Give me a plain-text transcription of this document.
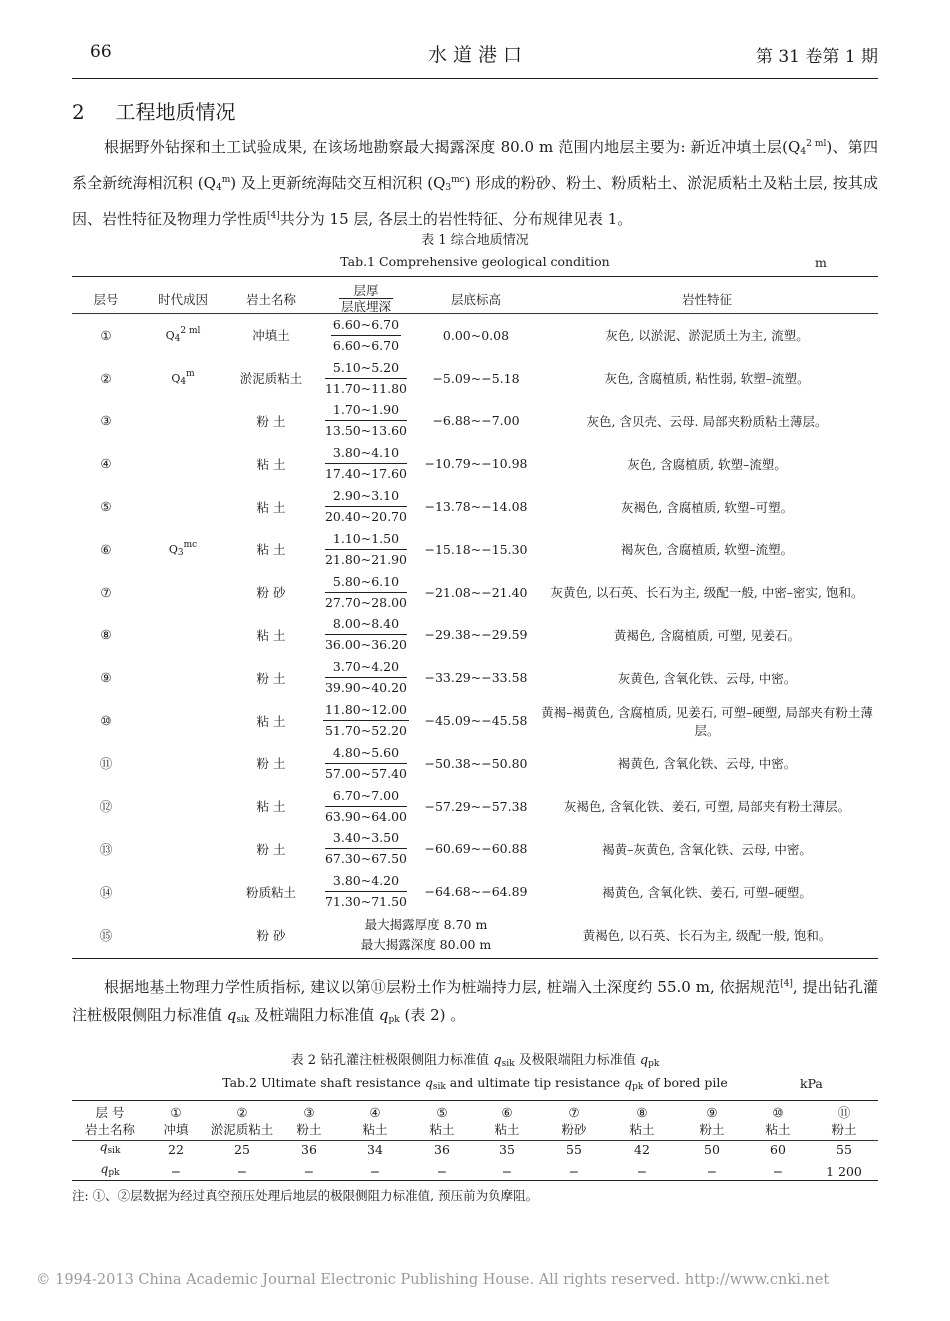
66	水 道 港 口	第 31 卷第 1 期
2 工程地质情况

根据野外钻探和土工试验成果, 在该场地勘察最大揭露深度 80.0 m 范围内地层主要为: 新近冲填土层$(Q_4^{2 ml})$、第四系全新统海相沉积 $(Q_4^m)$ 及上更新统海陆交互相沉积 $(Q_3^{mc})$ 形成的粉砂、粉土、粉质粘土、淤泥质粘土及粘土层, 按其成因、岩性特征及物理力学性质[4]共分为 15 层, 各层土的岩性特征、分布规律见表 1。

表 1 综合地质情况
Tab.1 Comprehensive geological condition	m
层号	时代成因	岩土名称	$\frac{\text{层厚}}{\text{层底埋深}}$	层底标高	岩性特征
①	$Q_4^{2 ml}$	冲填土	$\frac{6.60\sim 6.70}{6.60\sim 6.70}$	0.00~0.08	灰色, 以淤泥、淤泥质土为主, 流塑。
②	$Q_4^m$	淤泥质粘土	$\frac{5.10\sim 5.20}{11.70\sim 11.80}$	−5.09~−5.18	灰色, 含腐植质, 粘性弱, 软塑–流塑。
③		粉 土	$\frac{1.70\sim 1.90}{13.50\sim 13.60}$	−6.88~−7.00	灰色, 含贝壳、云母. 局部夹粉质粘土薄层。
④		粘 土	$\frac{3.80\sim 4.10}{17.40\sim 17.60}$	−10.79~−10.98	灰色, 含腐植质, 软塑–流塑。
⑤		粘 土	$\frac{2.90\sim 3.10}{20.40\sim 20.70}$	−13.78~−14.08	灰褐色, 含腐植质, 软塑–可塑。
⑥	$Q_3^{mc}$	粘 土	$\frac{1.10\sim 1.50}{21.80\sim 21.90}$	−15.18~−15.30	褐灰色, 含腐植质, 软塑–流塑。
⑦		粉 砂	$\frac{5.80\sim 6.10}{27.70\sim 28.00}$	−21.08~−21.40	灰黄色, 以石英、长石为主, 级配一般, 中密–密实, 饱和。
⑧		粘 土	$\frac{8.00\sim 8.40}{36.00\sim 36.20}$	−29.38~−29.59	黄褐色, 含腐植质, 可塑, 见姜石。
⑨		粉 土	$\frac{3.70\sim 4.20}{39.90\sim 40.20}$	−33.29~−33.58	灰黄色, 含氧化铁、云母, 中密。
⑩		粘 土	$\frac{11.80\sim 12.00}{51.70\sim 52.20}$	−45.09~−45.58	黄褐–褐黄色, 含腐植质, 见姜石, 可塑–硬塑, 局部夹有粉土薄层。
⑪		粉 土	$\frac{4.80\sim 5.60}{57.00\sim 57.40}$	−50.38~−50.80	褐黄色, 含氧化铁、云母, 中密。
⑫		粘 土	$\frac{6.70\sim 7.00}{63.90\sim 64.00}$	−57.29~−57.38	灰褐色, 含氧化铁、姜石, 可塑, 局部夹有粉土薄层。
⑬		粉 土	$\frac{3.40\sim 3.50}{67.30\sim 67.50}$	−60.69~−60.88	褐黄–灰黄色, 含氧化铁、云母, 中密。
⑭		粉质粘土	$\frac{3.80\sim 4.20}{71.30\sim 71.50}$	−64.68~−64.89	褐黄色, 含氧化铁、姜石, 可塑–硬塑。
⑮		粉 砂	最大揭露厚度 8.70 m
最大揭露深度 80.00 m		黄褐色, 以石英、长石为主, 级配一般, 饱和。

根据地基土物理力学性质指标, 建议以第⑪层粉土作为桩端持力层, 桩端入土深度约 55.0 m, 依据规范[4], 提出钻孔灌注桩极限侧阻力标准值 $q_{sik}$ 及桩端阻力标准值 $q_{pk}$ (表 2) 。

表 2 钻孔灌注桩极限侧阻力标准值 $q_{sik}$ 及极限端阻力标准值 $q_{pk}$
Tab.2 Ultimate shaft resistance $q_{sik}$ and ultimate tip resistance $q_{pk}$ of bored pile	kPa
层 号	①	②	③	④	⑤	⑥	⑦	⑧	⑨	⑩	⑪
岩土名称	冲填	淤泥质粘土	粉土	粘土	粘土	粘土	粉砂	粘土	粉土	粘土	粉土
$q_{sik}$	22	25	36	34	36	35	55	42	50	60	55
$q_{pk}$	−	−	−	−	−	−	−	−	−	−	1 200
注: ①、②层数据为经过真空预压处理后地层的极限侧阻力标准值, 预压前为负摩阻。
© 1994-2013 China Academic Journal Electronic Publishing House. All rights reserved. http://www.cnki.net
